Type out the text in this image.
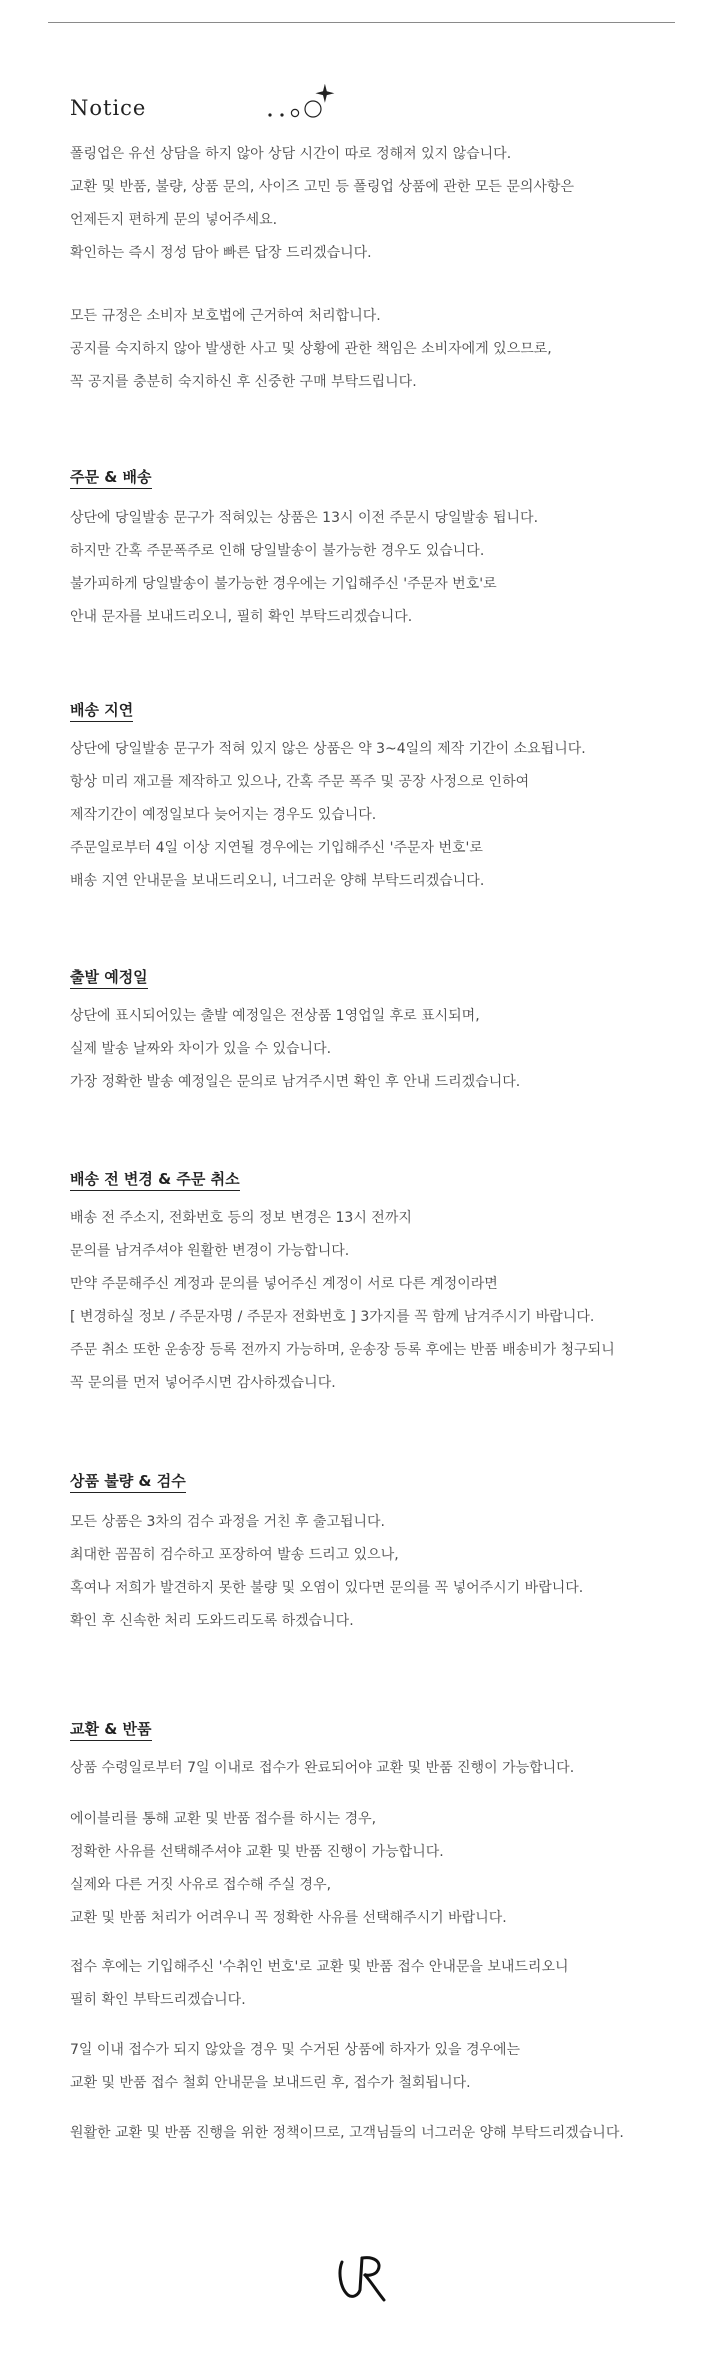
Notice
폴링업은 유선 상담을 하지 않아 상담 시간이 따로 정해져 있지 않습니다.
교환 및 반품, 불량, 상품 문의, 사이즈 고민 등 폴링업 상품에 관한 모든 문의사항은
언제든지 편하게 문의 넣어주세요.
확인하는 즉시 정성 담아 빠른 답장 드리겠습니다.
모든 규정은 소비자 보호법에 근거하여 처리합니다.
공지를 숙지하지 않아 발생한 사고 및 상황에 관한 책임은 소비자에게 있으므로,
꼭 공지를 충분히 숙지하신 후 신중한 구매 부탁드립니다.
주문 & 배송
상단에 당일발송 문구가 적혀있는 상품은 13시 이전 주문시 당일발송 됩니다.
하지만 간혹 주문폭주로 인해 당일발송이 불가능한 경우도 있습니다.
불가피하게 당일발송이 불가능한 경우에는 기입해주신 '주문자 번호'로
안내 문자를 보내드리오니, 필히 확인 부탁드리겠습니다.
배송 지연
상단에 당일발송 문구가 적혀 있지 않은 상품은 약 3~4일의 제작 기간이 소요됩니다.
항상 미리 재고를 제작하고 있으나, 간혹 주문 폭주 및 공장 사정으로 인하여
제작기간이 예정일보다 늦어지는 경우도 있습니다.
주문일로부터 4일 이상 지연될 경우에는 기입해주신 '주문자 번호'로
배송 지연 안내문을 보내드리오니, 너그러운 양해 부탁드리겠습니다.
출발 예정일
상단에 표시되어있는 출발 예정일은 전상품 1영업일 후로 표시되며,
실제 발송 날짜와 차이가 있을 수 있습니다.
가장 정확한 발송 예정일은 문의로 남겨주시면 확인 후 안내 드리겠습니다.
배송 전 변경 & 주문 취소
배송 전 주소지, 전화번호 등의 정보 변경은 13시 전까지
문의를 남겨주셔야 원활한 변경이 가능합니다.
만약 주문해주신 계정과 문의를 넣어주신 계정이 서로 다른 계정이라면
[ 변경하실 정보 / 주문자명 / 주문자 전화번호 ] 3가지를 꼭 함께 남겨주시기 바랍니다.
주문 취소 또한 운송장 등록 전까지 가능하며, 운송장 등록 후에는 반품 배송비가 청구되니
꼭 문의를 먼저 넣어주시면 감사하겠습니다.
상품 불량 & 검수
모든 상품은 3차의 검수 과정을 거친 후 출고됩니다.
최대한 꼼꼼히 검수하고 포장하여 발송 드리고 있으나,
혹여나 저희가 발견하지 못한 불량 및 오염이 있다면 문의를 꼭 넣어주시기 바랍니다.
확인 후 신속한 처리 도와드리도록 하겠습니다.
교환 & 반품
상품 수령일로부터 7일 이내로 접수가 완료되어야 교환 및 반품 진행이 가능합니다.
에이블리를 통해 교환 및 반품 접수를 하시는 경우,
정확한 사유를 선택해주셔야 교환 및 반품 진행이 가능합니다.
실제와 다른 거짓 사유로 접수해 주실 경우,
교환 및 반품 처리가 어려우니 꼭 정확한 사유를 선택해주시기 바랍니다.
접수 후에는 기입해주신 '수취인 번호'로 교환 및 반품 접수 안내문을 보내드리오니
필히 확인 부탁드리겠습니다.
7일 이내 접수가 되지 않았을 경우 및 수거된 상품에 하자가 있을 경우에는
교환 및 반품 접수 철회 안내문을 보내드린 후, 접수가 철회됩니다.
원활한 교환 및 반품 진행을 위한 정책이므로, 고객님들의 너그러운 양해 부탁드리겠습니다.
